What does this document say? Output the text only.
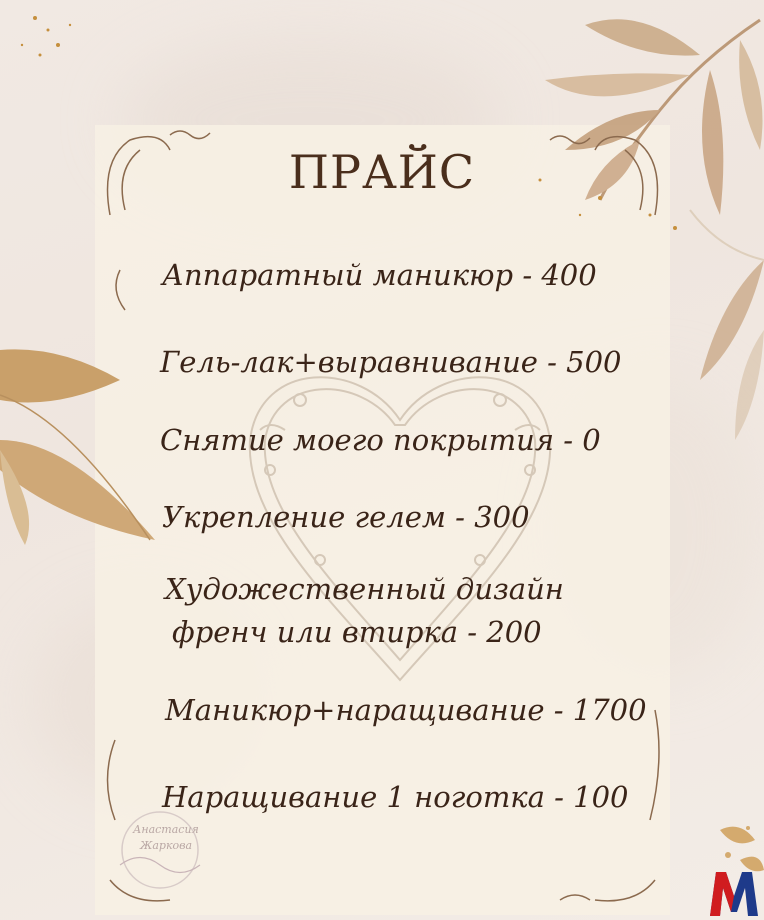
ПРАЙС
Аппаратный маникюр - 400
Гель-лак+выравнивание - 500
Снятие моего покрытия - 0
Укрепление гелем - 300
Художественный дизайн
френч или втирка - 200
Маникюр+наращивание - 1700
Наращивание 1 ноготка - 100
Анастасия
Жаркова
